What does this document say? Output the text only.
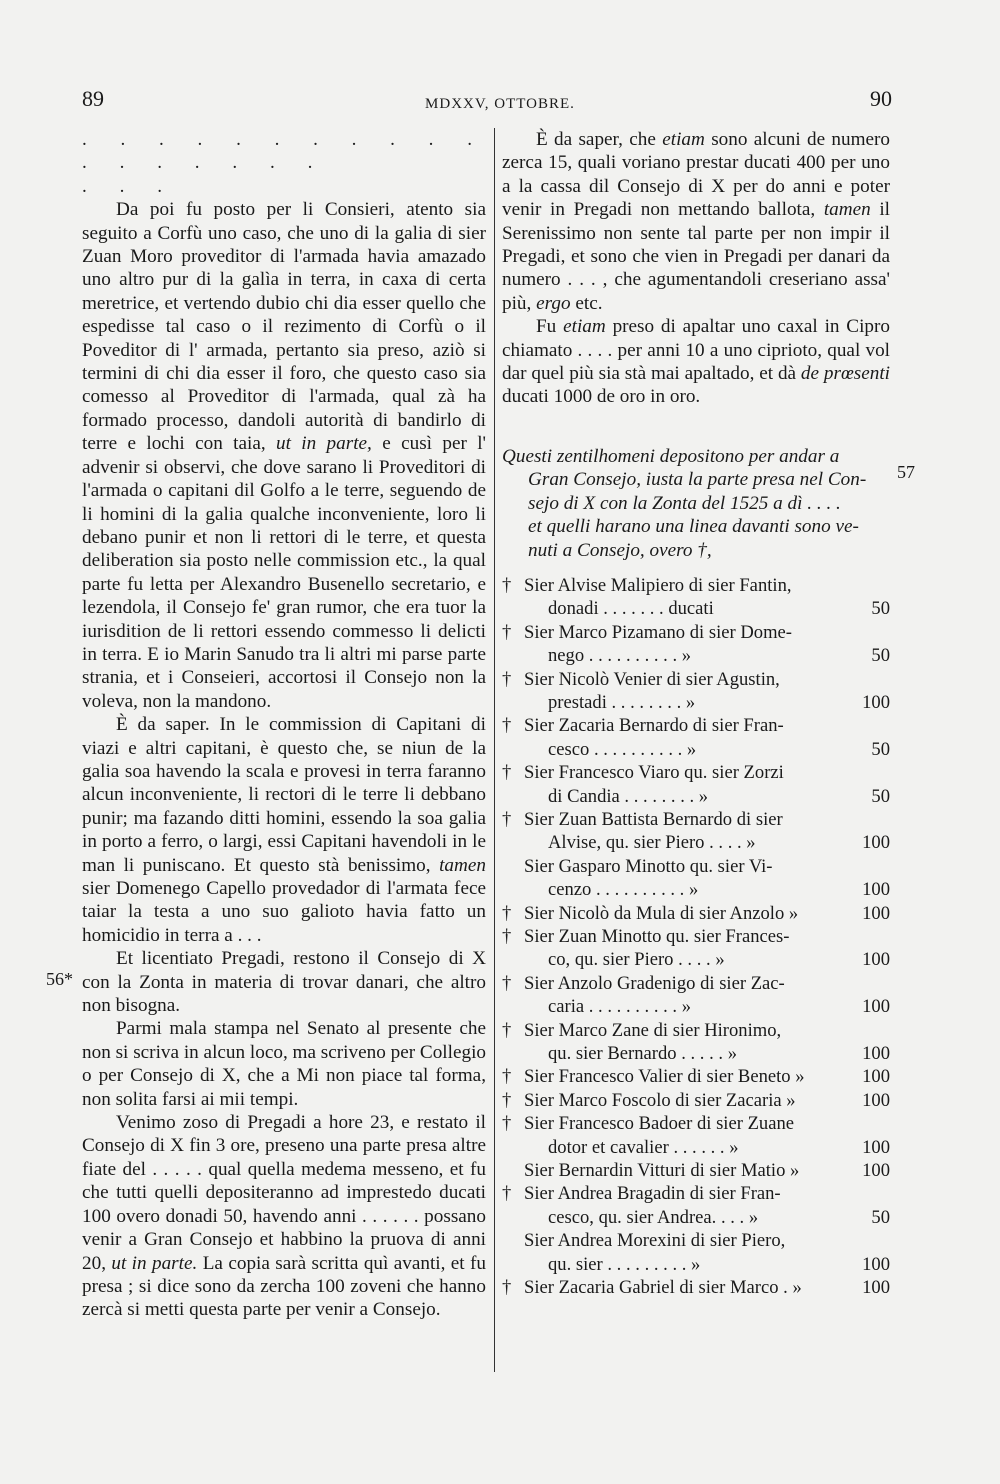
89	MDXXV, OTTOBRE.	90
56*
57

. . . . . . . . . . . . . . . . . .

. . .

Da poi fu posto per li Consieri, atento sia seguito a Corfù uno caso, che uno di la galia di sier Zuan Moro proveditor di l'armada havia amazado uno altro pur di la galìa in terra, in caxa di certa meretrice, et vertendo dubio chi dia esser quello che espedisse tal caso o il rezimento di Corfù o il Poveditor di l' armada, pertanto sia preso, aziò si termini di chi dia esser il foro, che questo caso sia comesso al Proveditor di l'armada, qual zà ha formado processo, dandoli autorità di bandirlo di terre e lochi con taia, ut in parte, e cusì per l' advenir si observi, che dove sarano li Proveditori di l'armada o capitani dil Golfo a le terre, seguendo de li homini di la galia qualche inconveniente, loro li debano punir et non li rettori di le terre, et questa deliberation sia posto nelle commission etc., la qual parte fu letta per Alexandro Busenello secretario, e lezendola, il Consejo fe' gran rumor, che era tuor la iurisdition de li rettori essendo commesso li delicti in terra. E io Marin Sanudo tra li altri mi parse parte strania, et i Conseieri, accortosi il Consejo non la voleva, non la mandono.

È da saper. In le commission di Capitani di viazi e altri capitani, è questo che, se niun de la galia soa havendo la scala e provesi in terra faranno alcun inconveniente, li rectori di le terre li debbano punir; ma fazando ditti homini, essendo la soa galia in porto a ferro, o largi, essi Capitani havendoli in le man li puniscano. Et questo stà benissimo, tamen sier Domenego Capello provedador di l'armata fece taiar la testa a uno suo galioto havia fatto un homicidio in terra a . . .

Et licentiato Pregadi, restono il Consejo di X con la Zonta in materia di trovar danari, che altro non bisogna.

Parmi mala stampa nel Senato al presente che non si scriva in alcun loco, ma scriveno per Collegio o per Consejo di X, che a Mi non piace tal forma, non solita farsi ai mii tempi.

Venimo zoso di Pregadi a hore 23, e restato il Consejo di X fin 3 ore, preseno una parte presa altre fiate del . . . . . qual quella medema messeno, et fu che tutti quelli depositeranno ad imprestedo ducati 100 overo donadi 50, havendo anni . . . . . . possano venir a Gran Consejo et habbino la pruova di anni 20, ut in parte. La copia sarà scritta quì avanti, et fu presa ; si dice sono da zercha 100 zoveni che hanno zercà si metti questa parte per venir a Consejo.

È da saper, che etiam sono alcuni de numero zerca 15, quali voriano prestar ducati 400 per uno a la cassa dil Consejo di X per do anni e poter venir in Pregadi non mettando ballota, tamen il Serenissimo non sente tal parte per non impir il Pregadi, et sono che vien in Pregadi per danari da numero . . . , che agumentandoli creseriano assa' più, ergo etc.

Fu etiam preso di apaltar uno caxal in Cipro chiamato . . . . per anni 10 a uno ciprioto, qual vol dar quel più sia stà mai apaltado, et dà de prœsenti ducati 1000 de oro in oro.

Questi zentilhomeni depositono per andar a
Gran Consejo, iusta la parte presa nel Con-
sejo di X con la Zonta del 1525 a dì . . . .
et quelli harano una linea davanti sono ve-
nuti a Consejo, overo †,
† Sier Alvise Malipiero di sier Fantin,
donadi . . . . . . . ducati	50
† Sier Marco Pizamano di sier Dome-
nego . . . . . . . . . . »	50
† Sier Nicolò Venier di sier Agustin,
prestadi . . . . . . . . »	100
† Sier Zacaria Bernardo di sier Fran-
cesco . . . . . . . . . . »	50
† Sier Francesco Viaro qu. sier Zorzi
di Candia . . . . . . . . »	50
† Sier Zuan Battista Bernardo di sier
Alvise, qu. sier Piero . . . . »	100
Sier Gasparo Minotto qu. sier Vi-
cenzo . . . . . . . . . . »	100
† Sier Nicolò da Mula di sier Anzolo »	100
† Sier Zuan Minotto qu. sier Frances-
co, qu. sier Piero . . . . »	100
† Sier Anzolo Gradenigo di sier Zac-
caria . . . . . . . . . . »	100
† Sier Marco Zane di sier Hironimo,
qu. sier Bernardo . . . . . »	100
† Sier Francesco Valier di sier Beneto »	100
† Sier Marco Foscolo di sier Zacaria »	100
† Sier Francesco Badoer di sier Zuane
dotor et cavalier . . . . . . »	100
Sier Bernardin Vitturi di sier Matio »	100
† Sier Andrea Bragadin di sier Fran-
cesco, qu. sier Andrea. . . . »	50
Sier Andrea Morexini di sier Piero,
qu. sier . . . . . . . . . »	100
† Sier Zacaria Gabriel di sier Marco . »	100
